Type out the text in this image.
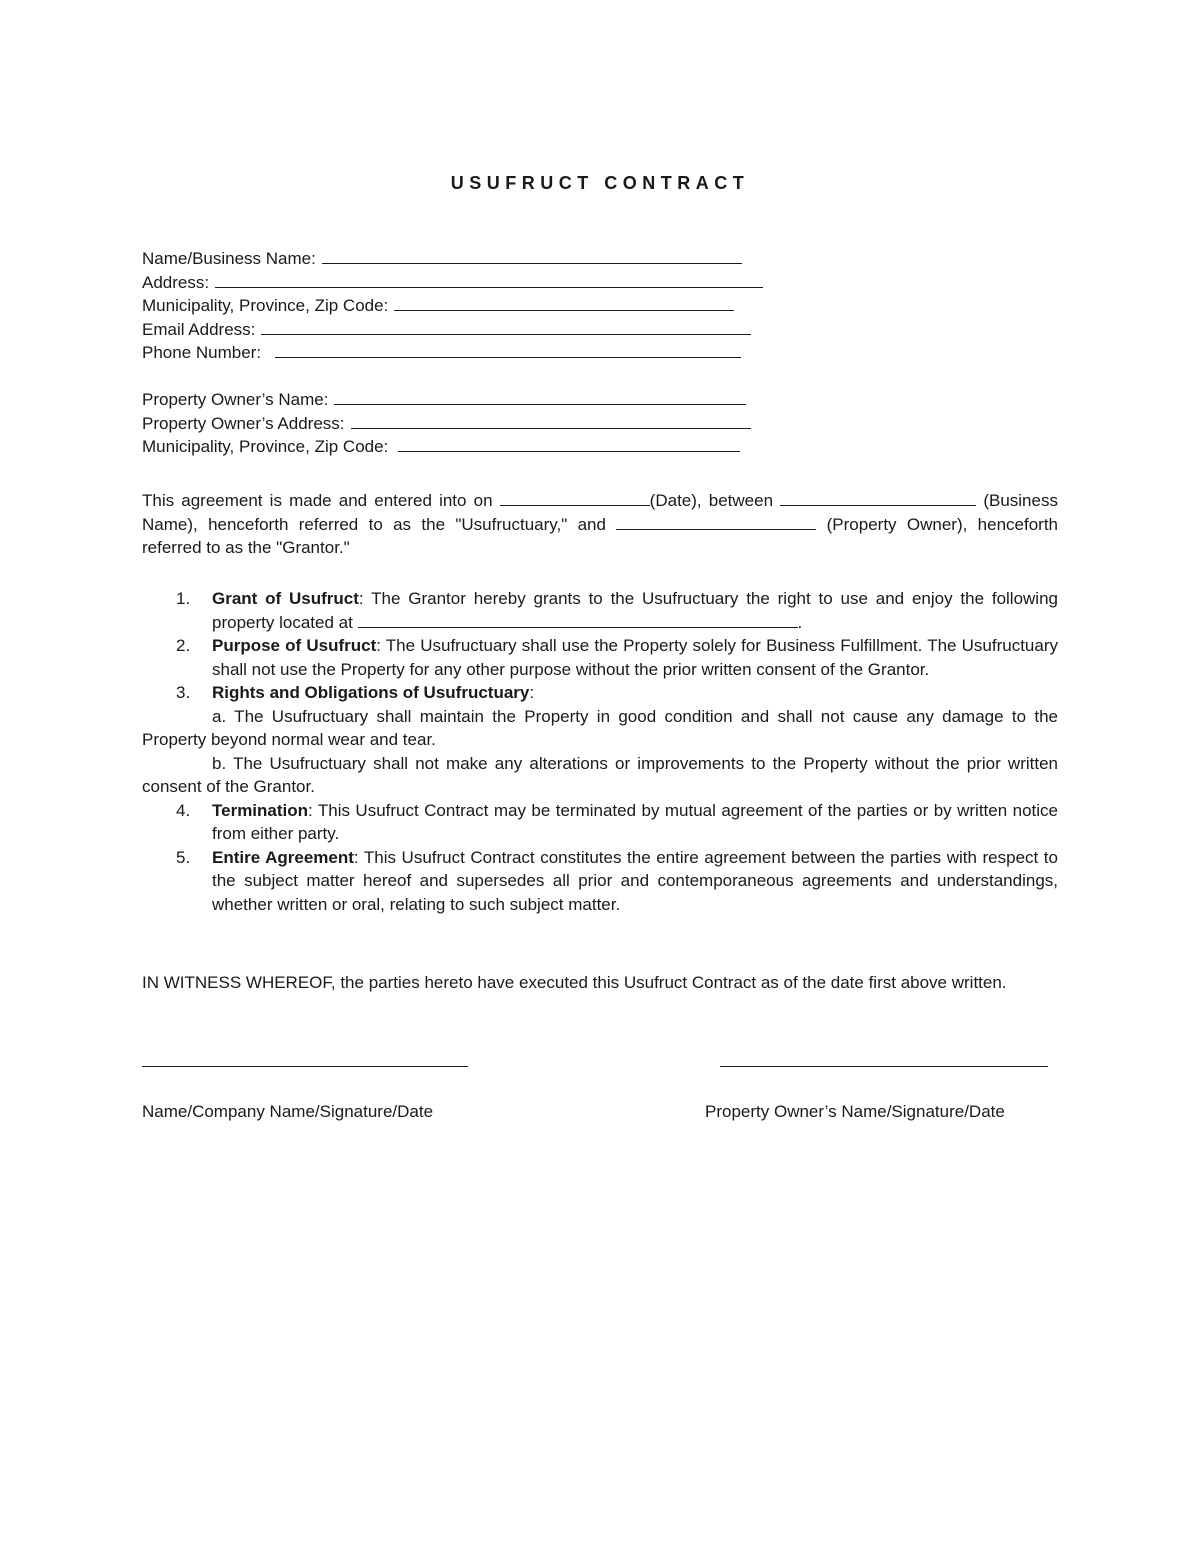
USUFRUCT CONTRACT
Name/Business Name:
Address:
Municipality, Province, Zip Code:
Email Address:
Phone Number:
Property Owner’s Name:
Property Owner’s Address:
Municipality, Province, Zip Code:
This agreement is made and entered into on	(Date), between	(Business Name), henceforth referred to as the "Usufructuary," and	(Property Owner), henceforth referred to as the "Grantor."
1. Grant of Usufruct: The Grantor hereby grants to the Usufructuary the right to use and enjoy the following property located at	.
2. Purpose of Usufruct: The Usufructuary shall use the Property solely for Business Fulfillment. The Usufructuary shall not use the Property for any other purpose without the prior written consent of the Grantor.
3. Rights and Obligations of Usufructuary:
a. The Usufructuary shall maintain the Property in good condition and shall not cause any damage to the Property beyond normal wear and tear.
b. The Usufructuary shall not make any alterations or improvements to the Property without the prior written consent of the Grantor.
4. Termination: This Usufruct Contract may be terminated by mutual agreement of the parties or by written notice from either party.
5. Entire Agreement: This Usufruct Contract constitutes the entire agreement between the parties with respect to the subject matter hereof and supersedes all prior and contemporaneous agreements and understandings, whether written or oral, relating to such subject matter.
IN WITNESS WHEREOF, the parties hereto have executed this Usufruct Contract as of the date first above written.
Name/Company Name/Signature/Date	Property Owner’s Name/Signature/Date
